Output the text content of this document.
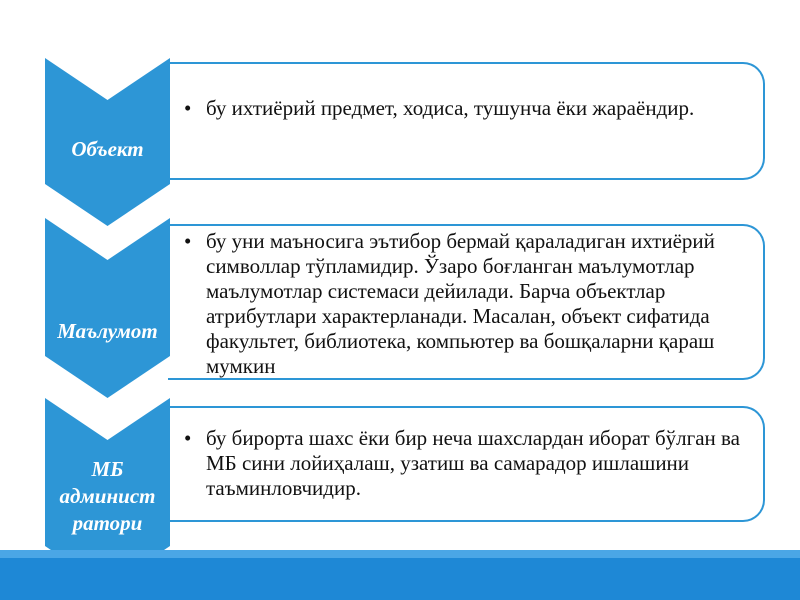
• бу ихтиёрий предмет, ходиса, тушунча ёки жараёндир.
Объект
• бу уни маъносига эътибор бермай қараладиган ихтиёрий символлар тўпламидир. Ўзаро боғланган маълумотлар маълумотлар системаси дейилади. Барча объектлар атрибутлари характерланади. Масалан, объект сифатида факультет, библиотека, компьютер ва бошқаларни қараш мумкин
Маълумот
• бу бирорта шахс ёки бир неча шахслардан иборат бўлган ва МБ сини лойиҳалаш, узатиш ва самарадор ишлашини таъминловчидир.
МБ
админист
ратори
